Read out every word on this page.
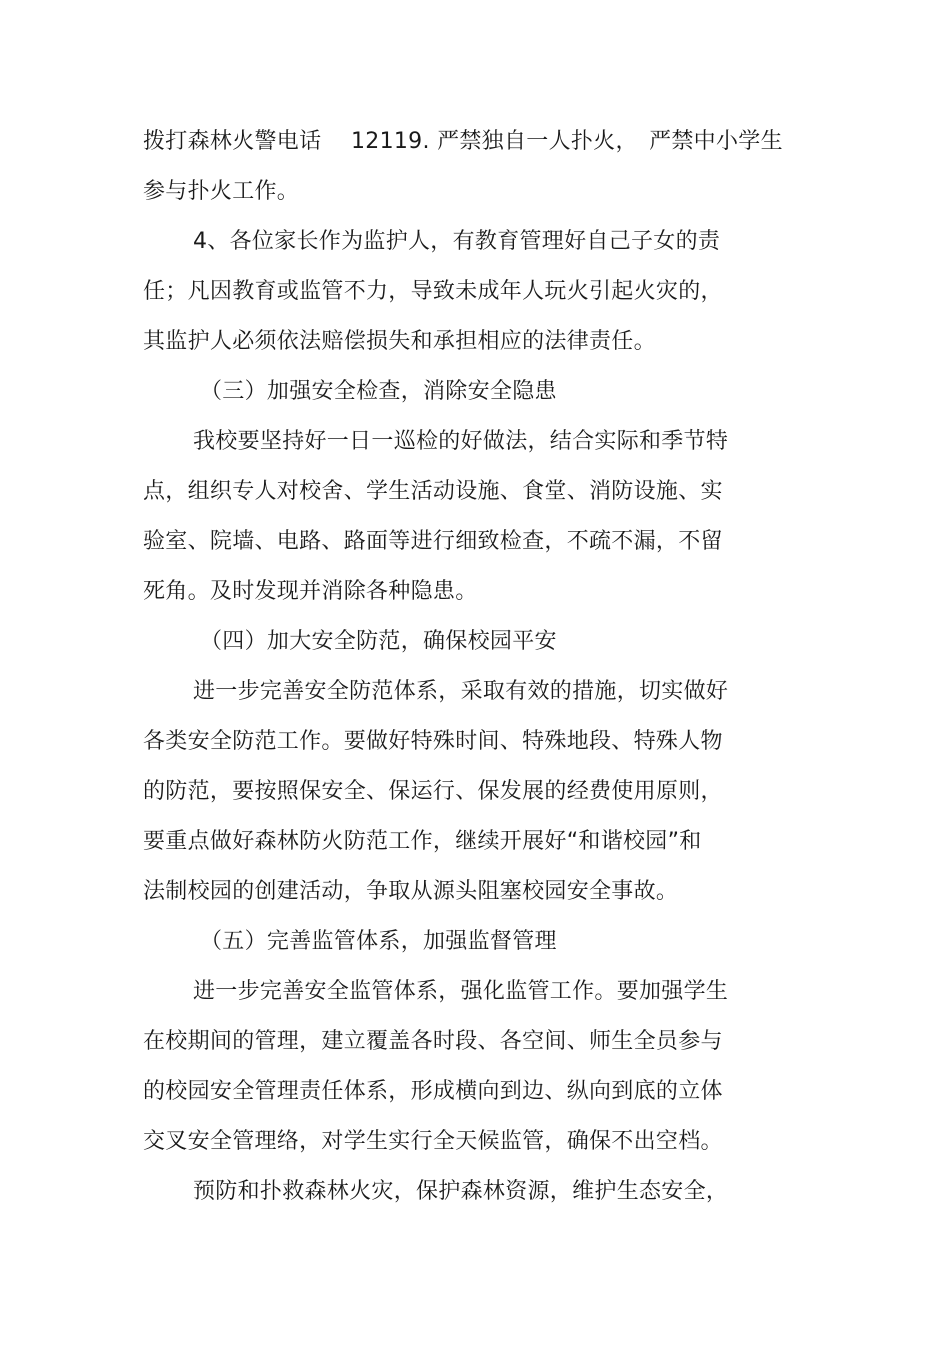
拨打森林火警电话　 12119. 严禁独自一人扑火，　严禁中小学生
参与扑火工作。
4、各位家长作为监护人，有教育管理好自己子女的责
任；凡因教育或监管不力，导致未成年人玩火引起火灾的，
其监护人必须依法赔偿损失和承担相应的法律责任。
（三）加强安全检查，消除安全隐患
我校要坚持好一日一巡检的好做法，结合实际和季节特
点，组织专人对校舍、学生活动设施、食堂、消防设施、实
验室、院墙、电路、路面等进行细致检查，不疏不漏，不留
死角。及时发现并消除各种隐患。
（四）加大安全防范，确保校园平安
进一步完善安全防范体系，采取有效的措施，切实做好
各类安全防范工作。要做好特殊时间、特殊地段、特殊人物
的防范，要按照保安全、保运行、保发展的经费使用原则，
要重点做好森林防火防范工作，继续开展好“和谐校园”和
法制校园的创建活动，争取从源头阻塞校园安全事故。
（五）完善监管体系，加强监督管理
进一步完善安全监管体系，强化监管工作。要加强学生
在校期间的管理，建立覆盖各时段、各空间、师生全员参与
的校园安全管理责任体系，形成横向到边、纵向到底的立体
交叉安全管理络，对学生实行全天候监管，确保不出空档。
预防和扑救森林火灾，保护森林资源，维护生态安全，
